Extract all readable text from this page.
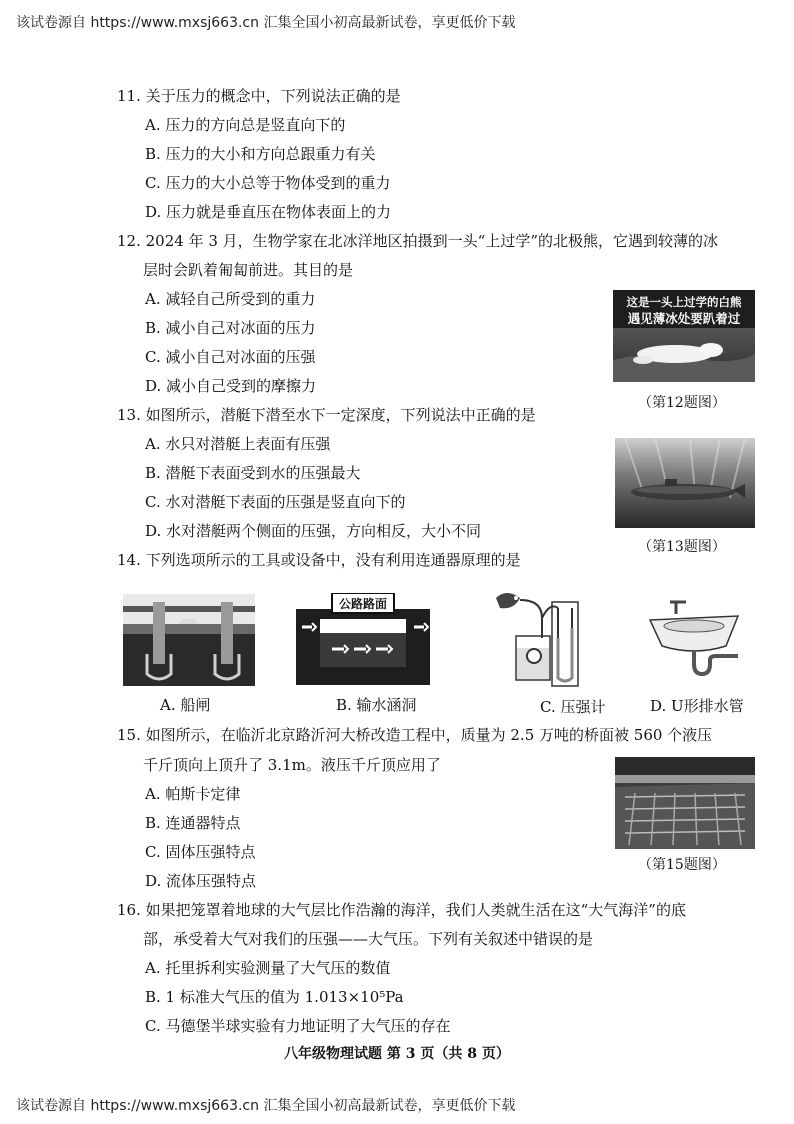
该试卷源自 https://www.mxsj663.cn 汇集全国小初高最新试卷，享更低价下载
11. 关于压力的概念中，下列说法正确的是
A. 压力的方向总是竖直向下的
B. 压力的大小和方向总跟重力有关
C. 压力的大小总等于物体受到的重力
D. 压力就是垂直压在物体表面上的力
12. 2024 年 3 月，生物学家在北冰洋地区拍摄到一头“上过学”的北极熊，它遇到较薄的冰
层时会趴着匍匐前进。其目的是
A. 减轻自己所受到的重力
B. 减小自己对冰面的压力
C. 减小自己对冰面的压强
D. 减小自己受到的摩擦力
这是一头上过学的白熊
遇见薄冰处要趴着过
（第12题图）
13. 如图所示，潜艇下潜至水下一定深度，下列说法中正确的是
A. 水只对潜艇上表面有压强
B. 潜艇下表面受到水的压强最大
C. 水对潜艇下表面的压强是竖直向下的
D. 水对潜艇两个侧面的压强，方向相反，大小不同
（第13题图）
14. 下列选项所示的工具或设备中，没有利用连通器原理的是
A. 船闸
公路路面
B. 输水涵洞	C. 压强计	D. U形排水管
15. 如图所示，在临沂北京路沂河大桥改造工程中，质量为 2.5 万吨的桥面被 560 个液压
千斤顶向上顶升了 3.1m。液压千斤顶应用了
A. 帕斯卡定律
B. 连通器特点
C. 固体压强特点
D. 流体压强特点
（第15题图）
16. 如果把笼罩着地球的大气层比作浩瀚的海洋，我们人类就生活在这“大气海洋”的底
部，承受着大气对我们的压强——大气压。下列有关叙述中错误的是
A. 托里拆利实验测量了大气压的数值
B. 1 标准大气压的值为 1.013×10⁵Pa
C. 马德堡半球实验有力地证明了大气压的存在
八年级物理试题 第 3 页（共 8 页）
该试卷源自 https://www.mxsj663.cn 汇集全国小初高最新试卷，享更低价下载
